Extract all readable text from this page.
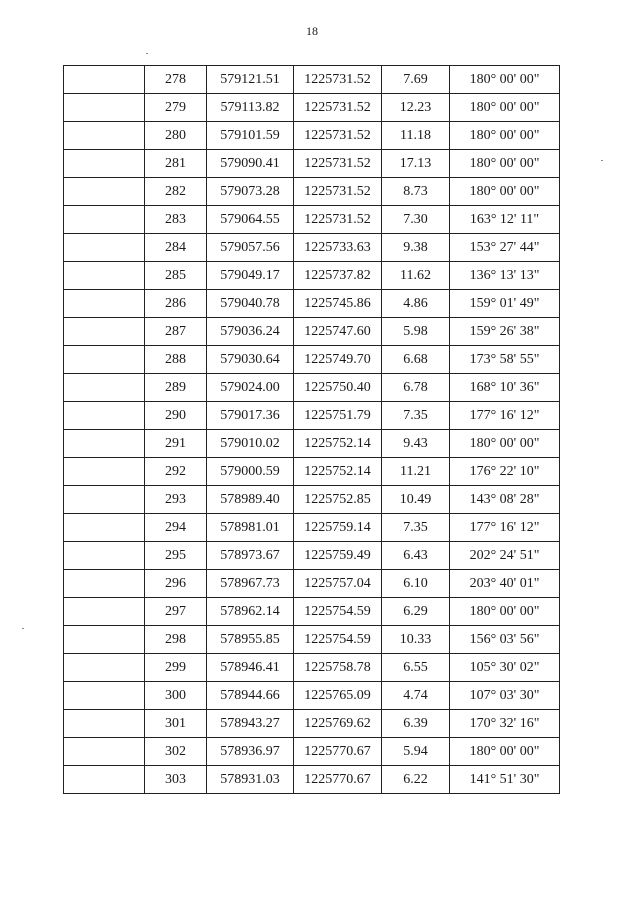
18
	278	579121.51	1225731.52	7.69	180° 00' 00"
	279	579113.82	1225731.52	12.23	180° 00' 00"
	280	579101.59	1225731.52	11.18	180° 00' 00"
	281	579090.41	1225731.52	17.13	180° 00' 00"
	282	579073.28	1225731.52	8.73	180° 00' 00"
	283	579064.55	1225731.52	7.30	163° 12' 11"
	284	579057.56	1225733.63	9.38	153° 27' 44"
	285	579049.17	1225737.82	11.62	136° 13' 13"
	286	579040.78	1225745.86	4.86	159° 01' 49"
	287	579036.24	1225747.60	5.98	159° 26' 38"
	288	579030.64	1225749.70	6.68	173° 58' 55"
	289	579024.00	1225750.40	6.78	168° 10' 36"
	290	579017.36	1225751.79	7.35	177° 16' 12"
	291	579010.02	1225752.14	9.43	180° 00' 00"
	292	579000.59	1225752.14	11.21	176° 22' 10"
	293	578989.40	1225752.85	10.49	143° 08' 28"
	294	578981.01	1225759.14	7.35	177° 16' 12"
	295	578973.67	1225759.49	6.43	202° 24' 51"
	296	578967.73	1225757.04	6.10	203° 40' 01"
	297	578962.14	1225754.59	6.29	180° 00' 00"
	298	578955.85	1225754.59	10.33	156° 03' 56"
	299	578946.41	1225758.78	6.55	105° 30' 02"
	300	578944.66	1225765.09	4.74	107° 03' 30"
	301	578943.27	1225769.62	6.39	170° 32' 16"
	302	578936.97	1225770.67	5.94	180° 00' 00"
	303	578931.03	1225770.67	6.22	141° 51' 30"
